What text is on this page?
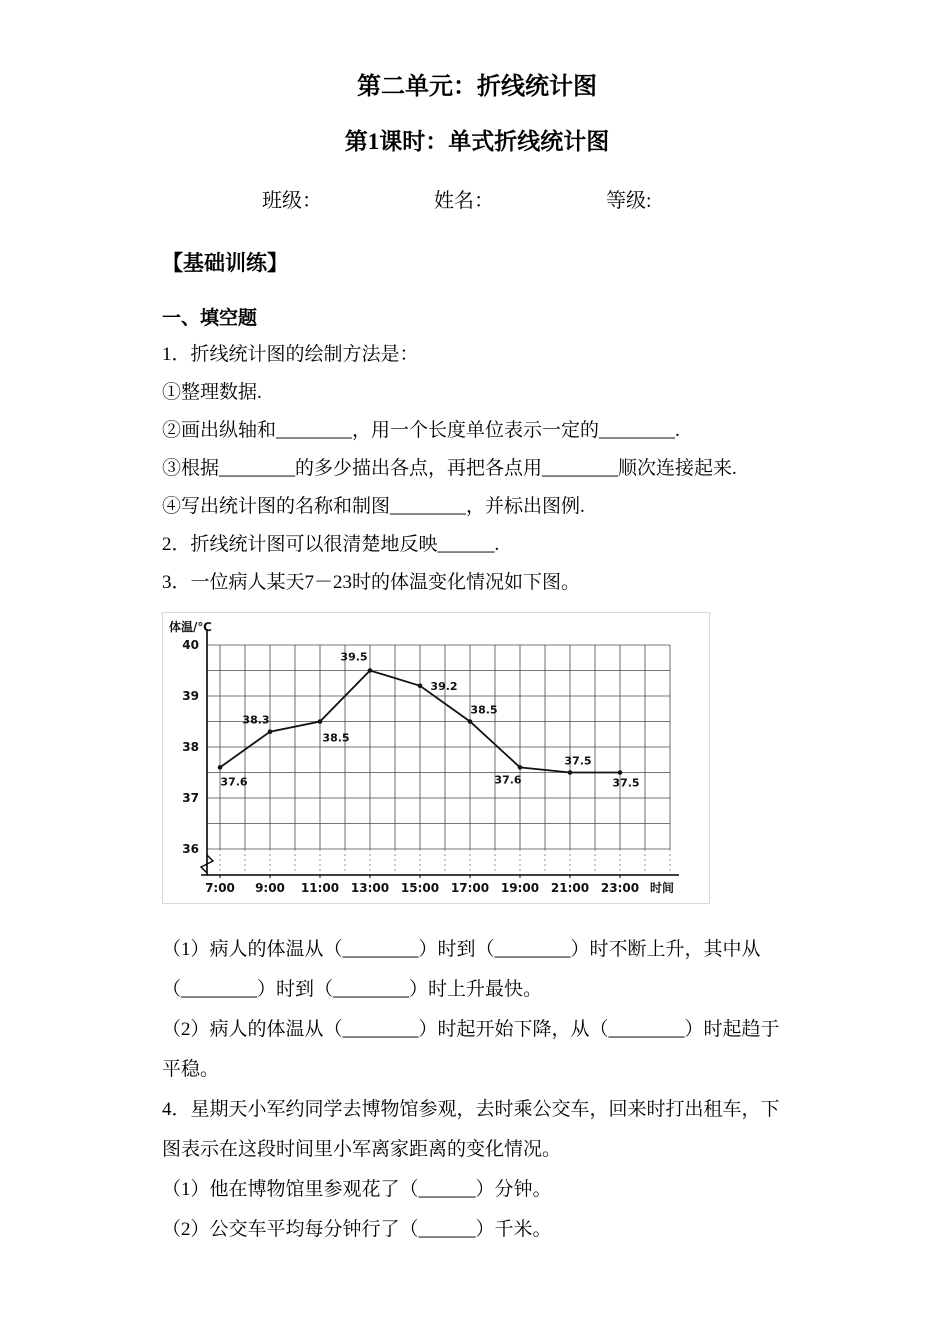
第二单元：折线统计图
第1课时：单式折线统计图
班级：	姓名：	等级:
【基础训练】
一、填空题
1．折线统计图的绘制方法是：
①整理数据.
②画出纵轴和________，用一个长度单位表示一定的________.
③根据________的多少描出各点，再把各点用________顺次连接起来.
④写出统计图的名称和制图________，并标出图例.
2．折线统计图可以很清楚地反映______.
3．一位病人某天7－23时的体温变化情况如下图。
40
39
38
37
36
体温/℃
时间
7:00 9:00 11:00 13:00 15:00 17:00 19:00 21:00 23:00
37.6
38.3
38.5
39.5
39.2
38.5
37.6
37.5
37.5
（1）病人的体温从（________）时到（________）时不断上升，其中从
（________）时到（________）时上升最快。
（2）病人的体温从（________）时起开始下降，从（________）时起趋于
平稳。
4．星期天小军约同学去博物馆参观，去时乘公交车，回来时打出租车，下
图表示在这段时间里小军离家距离的变化情况。
（1）他在博物馆里参观花了（______）分钟。
（2）公交车平均每分钟行了（______）千米。
